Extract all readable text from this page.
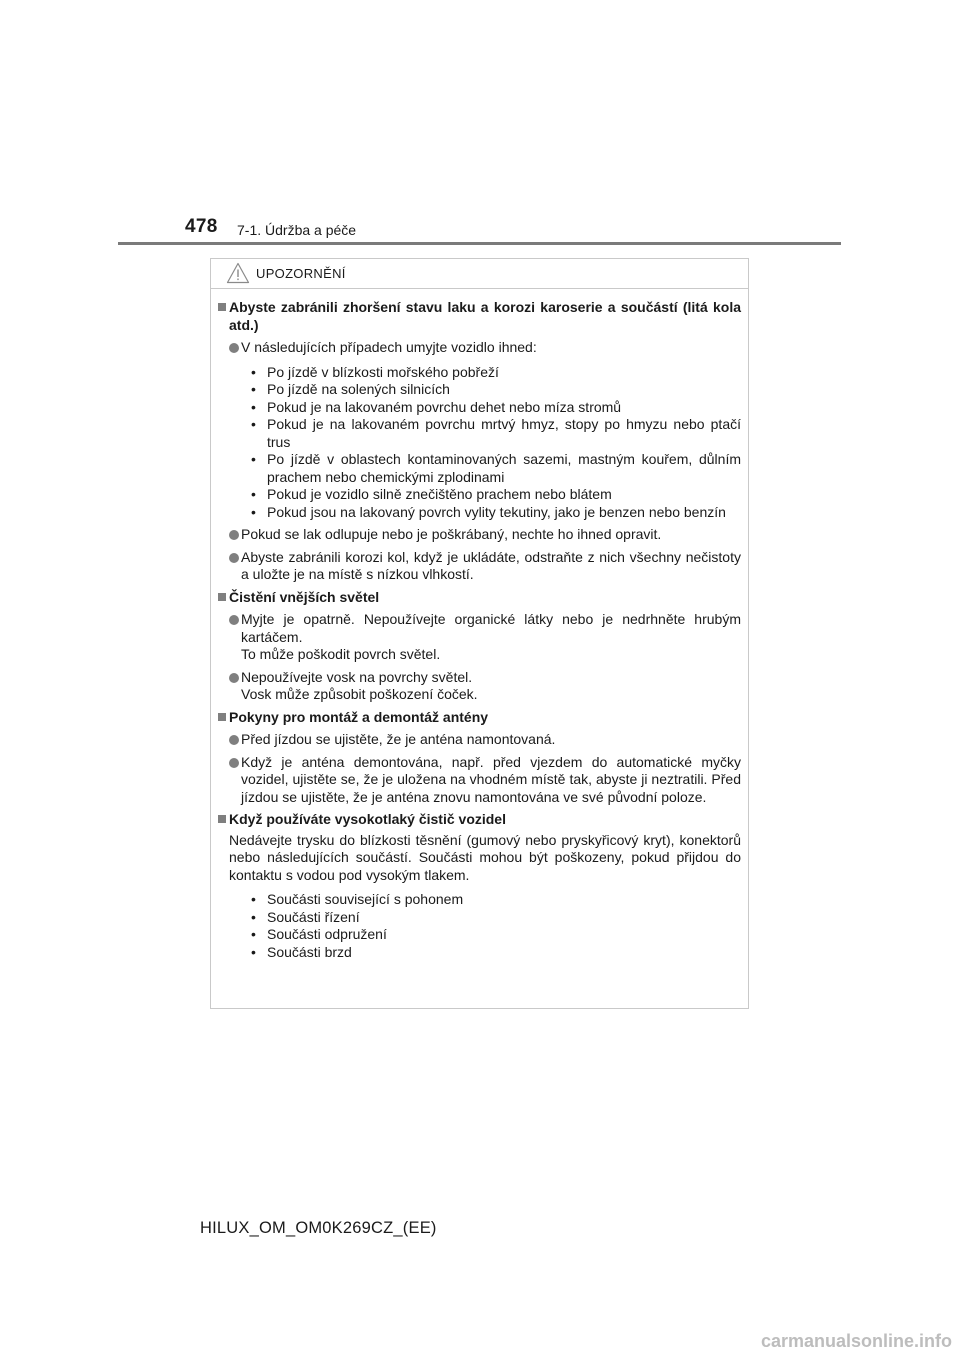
478 7-1. Údržba a péče
UPOZORNĚNÍ
Abyste zabránili zhoršení stavu laku a korozi karoserie a součástí (litá kola atd.)
V následujících případech umyjte vozidlo ihned:
• Po jízdě v blízkosti mořského pobřeží
• Po jízdě na solených silnicích
• Pokud je na lakovaném povrchu dehet nebo míza stromů
• Pokud je na lakovaném povrchu mrtvý hmyz, stopy po hmyzu nebo ptačí trus
• Po jízdě v oblastech kontaminovaných sazemi, mastným kouřem, důlním prachem nebo chemickými zplodinami
• Pokud je vozidlo silně znečištěno prachem nebo blátem
• Pokud jsou na lakovaný povrch vylity tekutiny, jako je benzen nebo benzín
Pokud se lak odlupuje nebo je poškrábaný, nechte ho ihned opravit.
Abyste zabránili korozi kol, když je ukládáte, odstraňte z nich všechny nečistoty a uložte je na místě s nízkou vlhkostí.
Čistění vnějších světel
Myjte je opatrně. Nepoužívejte organické látky nebo je nedrhněte hrubým kartáčem.
To může poškodit povrch světel.
Nepoužívejte vosk na povrchy světel.
Vosk může způsobit poškození čoček.
Pokyny pro montáž a demontáž antény
Před jízdou se ujistěte, že je anténa namontovaná.
Když je anténa demontována, např. před vjezdem do automatické myčky vozidel, ujistěte se, že je uložena na vhodném místě tak, abyste ji neztratili. Před jízdou se ujistěte, že je anténa znovu namontována ve své původní poloze.
Když používáte vysokotlaký čistič vozidel
Nedávejte trysku do blízkosti těsnění (gumový nebo pryskyřicový kryt), konektorů nebo následujících součástí. Součásti mohou být poškozeny, pokud přijdou do kontaktu s vodou pod vysokým tlakem.
• Součásti související s pohonem
• Součásti řízení
• Součásti odpružení
• Součásti brzd
HILUX_OM_OM0K269CZ_(EE)
carmanualsonline.info
